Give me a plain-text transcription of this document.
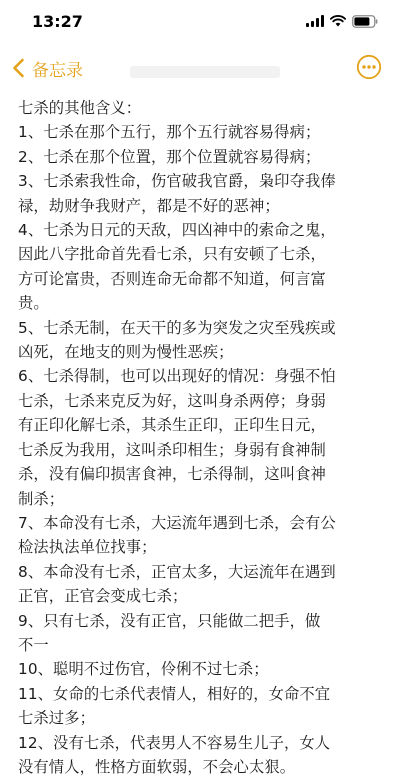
13:27
备忘录
七杀的其他含义：
1、七杀在那个五行，那个五行就容易得病；
2、七杀在那个位置，那个位置就容易得病；
3、七杀索我性命，伤官破我官爵，枭印夺我俸
禄，劫财争我财产，都是不好的恶神；
4、七杀为日元的天敌，四凶神中的索命之鬼，
因此八字批命首先看七杀，只有安顿了七杀，
方可论富贵，否则连命无命都不知道，何言富
贵。
5、七杀无制，在天干的多为突发之灾至残疾或
凶死，在地支的则为慢性恶疾；
6、七杀得制，也可以出现好的情况：身强不怕
七杀，七杀来克反为好，这叫身杀两停；身弱
有正印化解七杀，其杀生正印，正印生日元，
七杀反为我用，这叫杀印相生；身弱有食神制
杀，没有偏印损害食神，七杀得制，这叫食神
制杀；
7、本命没有七杀，大运流年遇到七杀，会有公
检法执法单位找事；
8、本命没有七杀，正官太多，大运流年在遇到
正官，正官会变成七杀；
9、只有七杀，没有正官，只能做二把手，做
不一
10、聪明不过伤官，伶俐不过七杀；
11、女命的七杀代表情人，相好的，女命不宜
七杀过多；
12、没有七杀，代表男人不容易生儿子，女人
没有情人，性格方面软弱，不会心太狠。
